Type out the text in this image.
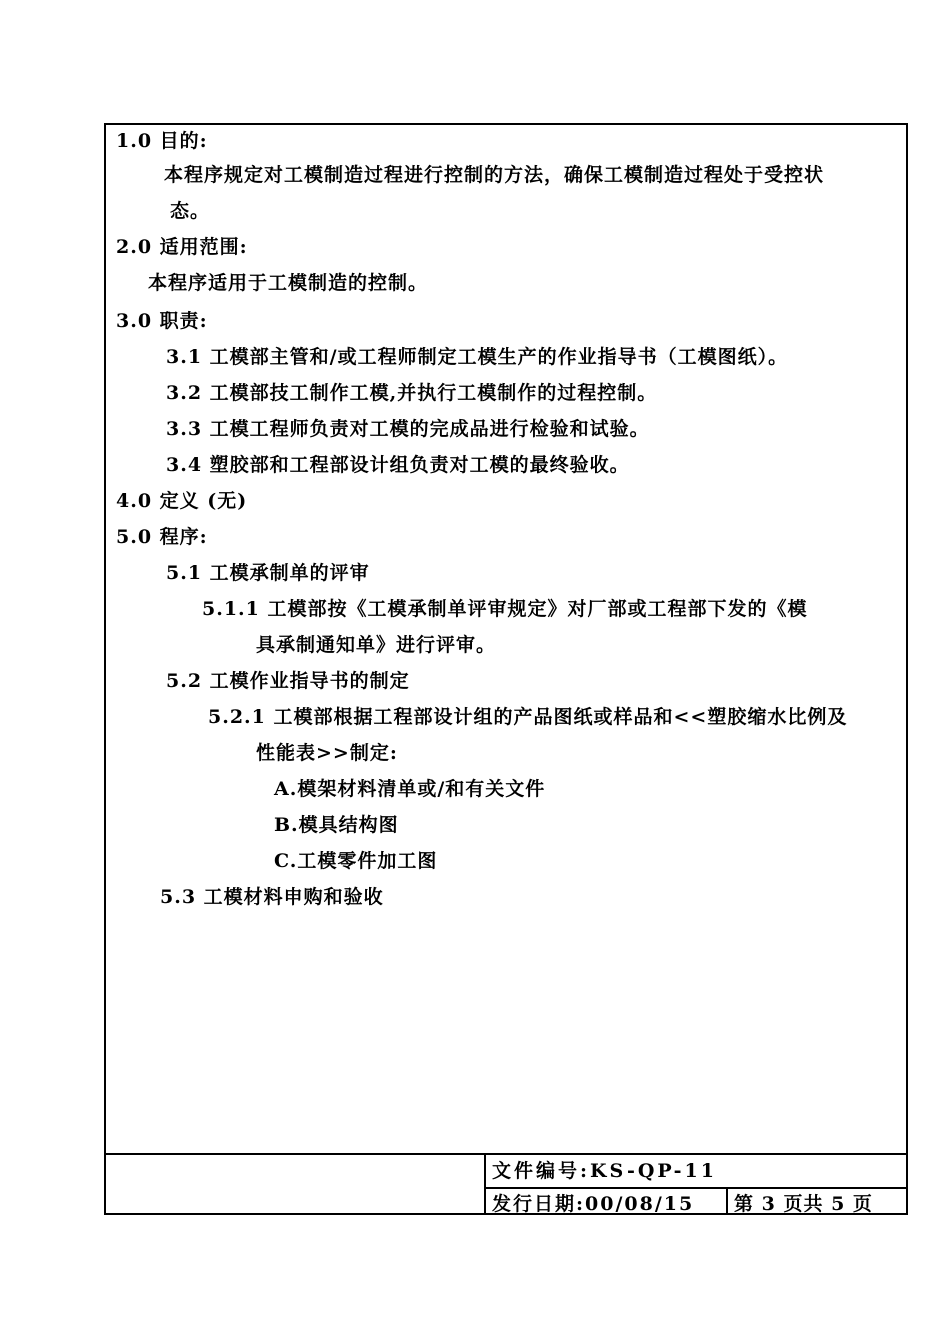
1.0 目的:
本程序规定对工模制造过程进行控制的方法，确保工模制造过程处于受控状
态。
2.0 适用范围:
本程序适用于工模制造的控制。
3.0 职责:
3.1 工模部主管和/或工程师制定工模生产的作业指导书（工模图纸）。
3.2 工模部技工制作工模,并执行工模制作的过程控制。
3.3 工模工程师负责对工模的完成品进行检验和试验。
3.4 塑胶部和工程部设计组负责对工模的最终验收。
4.0 定义 (无)
5.0 程序:
5.1 工模承制单的评审
5.1.1 工模部按《工模承制单评审规定》对厂部或工程部下发的《模
具承制通知单》进行评审。
5.2 工模作业指导书的制定
5.2.1 工模部根据工程部设计组的产品图纸或样品和<<塑胶缩水比例及
性能表>>制定:
A.模架材料清单或/和有关文件
B.模具结构图
C.工模零件加工图
5.3 工模材料申购和验收
文件编号:KS-QP-11
发行日期:00/08/15 第 3 页共 5 页
